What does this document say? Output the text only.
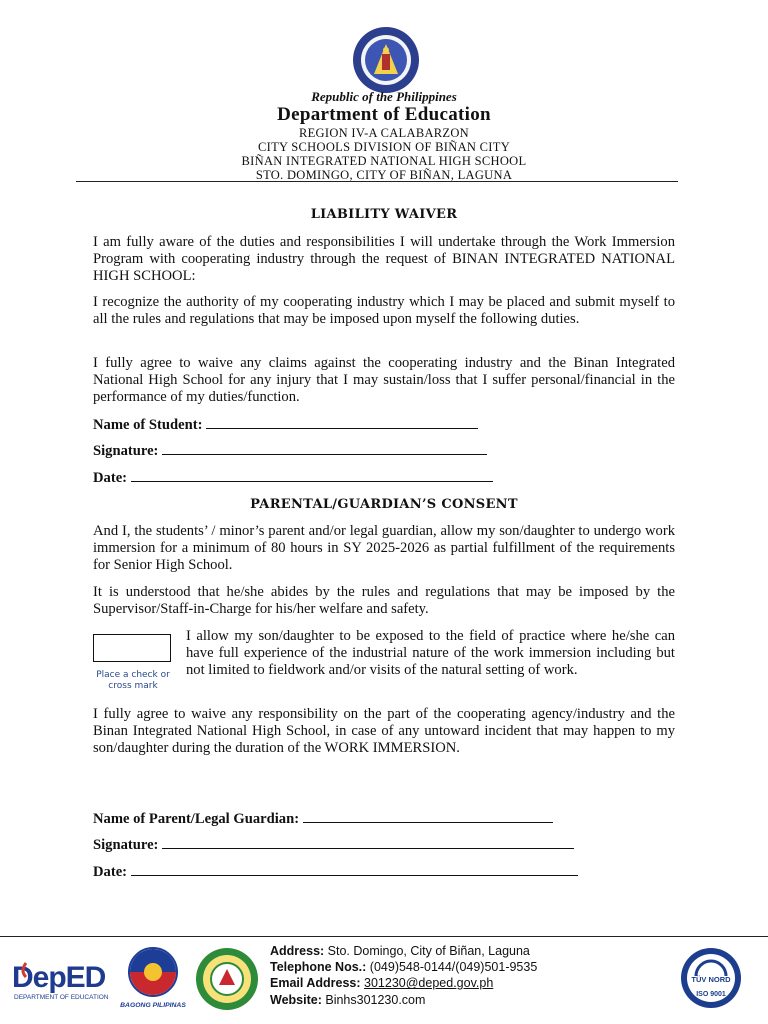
Republic of the Philippines
Department of Education
REGION IV-A CALABARZON
CITY SCHOOLS DIVISION OF BIÑAN CITY
BIÑAN INTEGRATED NATIONAL HIGH SCHOOL
STO. DOMINGO, CITY OF BIÑAN, LAGUNA
LIABILITY WAIVER

I am fully aware of the duties and responsibilities I will undertake through the Work Immersion Program with cooperating industry through the request of BINAN INTEGRATED NATIONAL HIGH SCHOOL:

I recognize the authority of my cooperating industry which I may be placed and submit myself to all the rules and regulations that may be imposed upon myself the following duties.

I fully agree to waive any claims against the cooperating industry and the Binan Integrated National High School for any injury that I may sustain/loss that I suffer personal/financial in the performance of my duties/function.

Name of Student:
Signature:
Date:
PARENTAL/GUARDIAN’S CONSENT

And I, the students’ / minor’s parent and/or legal guardian, allow my son/daughter to undergo work immersion for a minimum of 80 hours in SY 2025-2026 as partial fulfillment of the requirements for Senior High School.

It is understood that he/she abides by the rules and regulations that may be imposed by the Supervisor/Staff-in-Charge for his/her welfare and safety.

Place a check or cross mark

I allow my son/daughter to be exposed to the field of practice where he/she can have full experience of the industrial nature of the work immersion including but not limited to fieldwork and/or visits of the natural setting of work.

I fully agree to waive any responsibility on the part of the cooperating agency/industry and the Binan Integrated National High School, in case of any untoward incident that may happen to my son/daughter during the duration of the WORK IMMERSION.

Name of Parent/Legal Guardian:
Signature:
Date:
DepED
DEPARTMENT OF EDUCATION
BAGONG PILIPINAS
Address: Sto. Domingo, City of Biñan, Laguna
Telephone Nos.: (049)548-0144/(049)501-9535
Email Address: 301230@deped.gov.ph
Website: Binhs301230.com
TÜV NORD
ISO 9001
